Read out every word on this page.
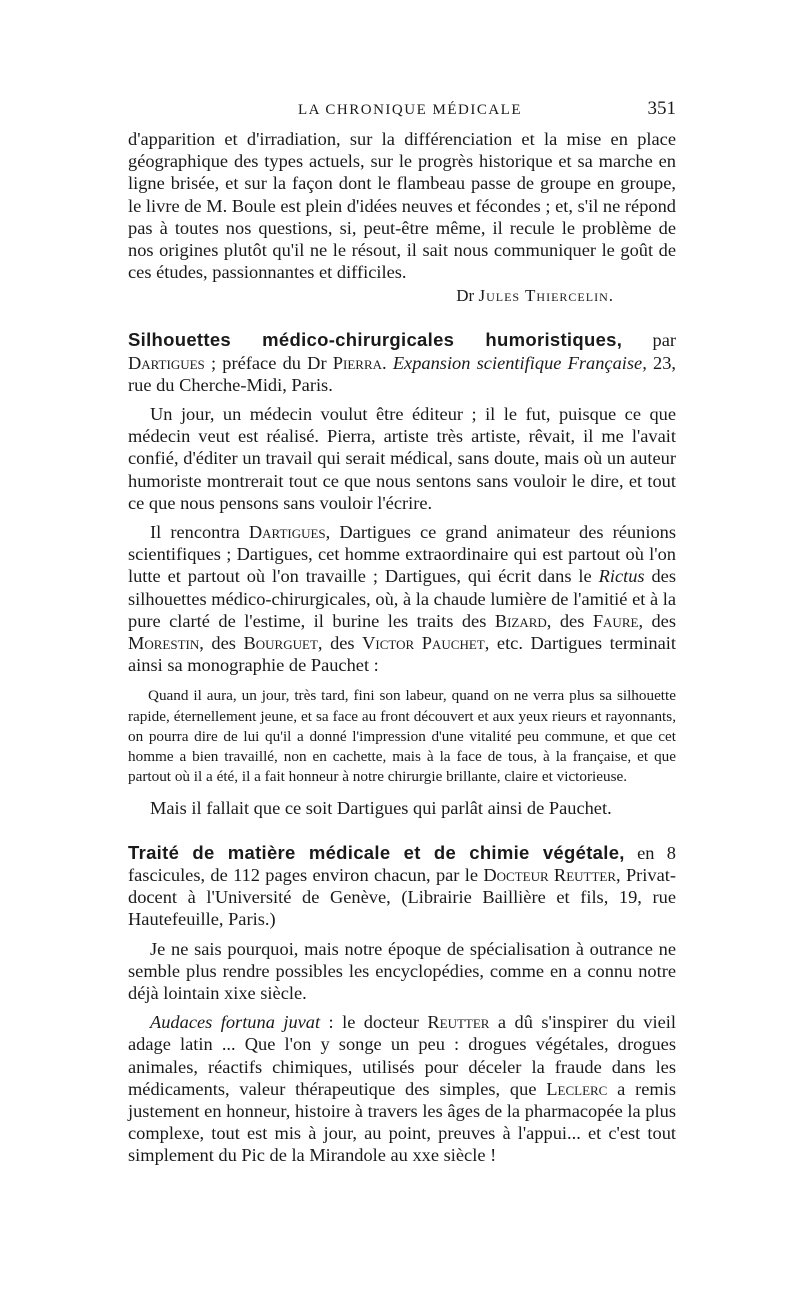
LA CHRONIQUE MÉDICALE	351

d'apparition et d'irradiation, sur la différenciation et la mise en place géographique des types actuels, sur le progrès historique et sa marche en ligne brisée, et sur la façon dont le flambeau passe de groupe en groupe, le livre de M. Boule est plein d'idées neuves et fécondes ; et, s'il ne répond pas à toutes nos questions, si, peut-être même, il recule le problème de nos origines plutôt qu'il ne le résout, il sait nous communiquer le goût de ces études, passionnantes et difficiles.

Dr Jules Thiercelin.
Silhouettes médico-chirurgicales humoristiques, par Dartigues ; préface du Dr Pierra. Expansion scientifique Française, 23, rue du Cherche-Midi, Paris.

Un jour, un médecin voulut être éditeur ; il le fut, puisque ce que médecin veut est réalisé. Pierra, artiste très artiste, rêvait, il me l'avait confié, d'éditer un travail qui serait médical, sans doute, mais où un auteur humoriste montrerait tout ce que nous sentons sans vouloir le dire, et tout ce que nous pensons sans vouloir l'écrire.

Il rencontra Dartigues, Dartigues ce grand animateur des réunions scientifiques ; Dartigues, cet homme extraordinaire qui est partout où l'on lutte et partout où l'on travaille ; Dartigues, qui écrit dans le Rictus des silhouettes médico-chirurgicales, où, à la chaude lumière de l'amitié et à la pure clarté de l'estime, il burine les traits des Bizard, des Faure, des Morestin, des Bourguet, des Victor Pauchet, etc. Dartigues terminait ainsi sa monographie de Pauchet :

Quand il aura, un jour, très tard, fini son labeur, quand on ne verra plus sa silhouette rapide, éternellement jeune, et sa face au front découvert et aux yeux rieurs et rayonnants, on pourra dire de lui qu'il a donné l'impression d'une vitalité peu commune, et que cet homme a bien travaillé, non en cachette, mais à la face de tous, à la française, et que partout où il a été, il a fait honneur à notre chirurgie brillante, claire et victorieuse.

Mais il fallait que ce soit Dartigues qui parlât ainsi de Pauchet.

Traité de matière médicale et de chimie végétale, en 8 fascicules, de 112 pages environ chacun, par le Docteur Reutter, Privat-docent à l'Université de Genève, (Librairie Baillière et fils, 19, rue Hautefeuille, Paris.)

Je ne sais pourquoi, mais notre époque de spécialisation à outrance ne semble plus rendre possibles les encyclopédies, comme en a connu notre déjà lointain xixe siècle.

Audaces fortuna juvat : le docteur Reutter a dû s'inspirer du vieil adage latin ... Que l'on y songe un peu : drogues végétales, drogues animales, réactifs chimiques, utilisés pour déceler la fraude dans les médicaments, valeur thérapeutique des simples, que Leclerc a remis justement en honneur, histoire à travers les âges de la pharmacopée la plus complexe, tout est mis à jour, au point, preuves à l'appui... et c'est tout simplement du Pic de la Mirandole au xxe siècle !
